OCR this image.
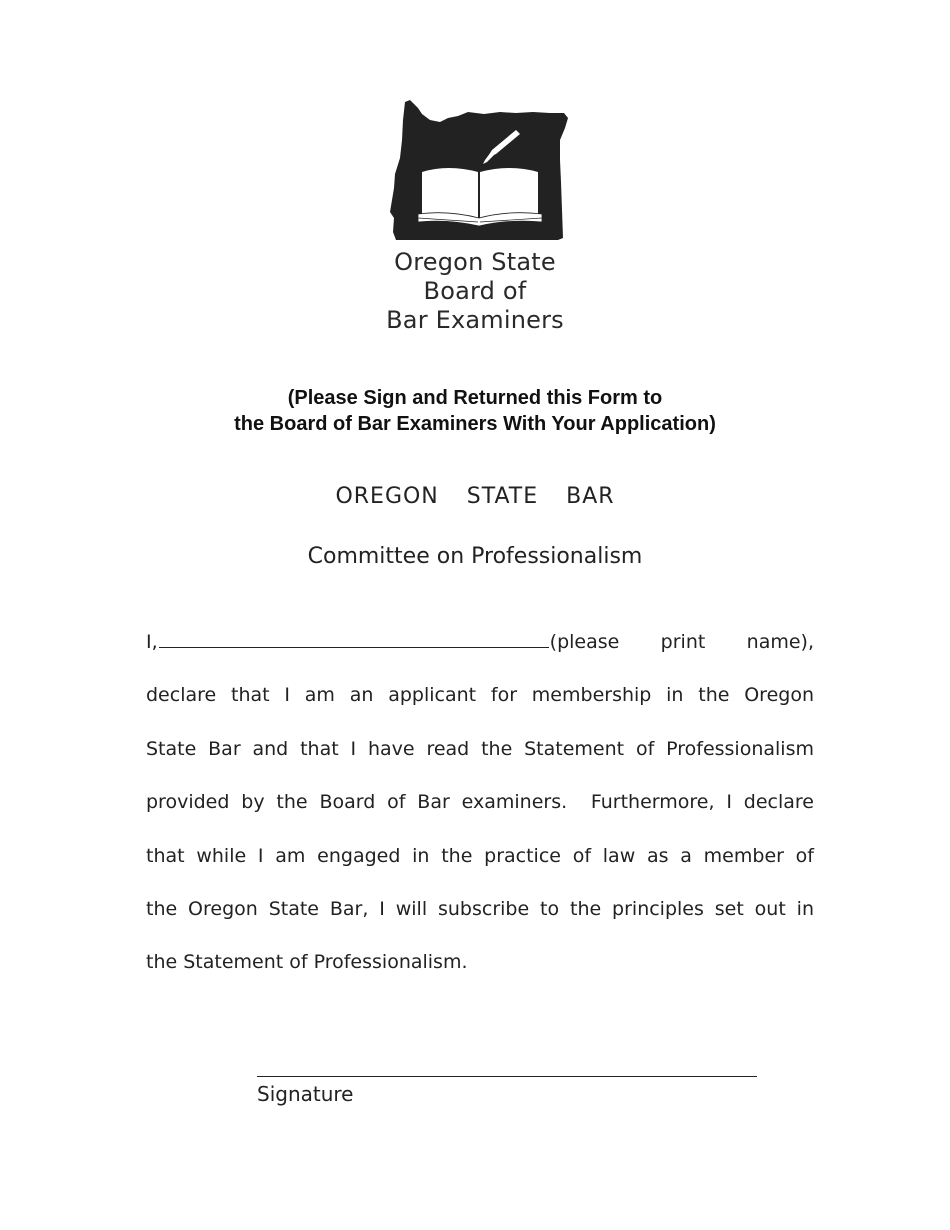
Oregon State
Board of
Bar Examiners
(Please Sign and Returned this Form to
the Board of Bar Examiners With Your Application)
OREGON  STATE  BAR
Committee on Professionalism
I,	(please print name),
declare that I am an applicant for membership in the Oregon
State Bar and that I have read the Statement of Professionalism
provided by the Board of Bar examiners.  Furthermore, I declare
that while I am engaged in the practice of law as a member of
the Oregon State Bar, I will subscribe to the principles set out in
the Statement of Professionalism.
Signature
